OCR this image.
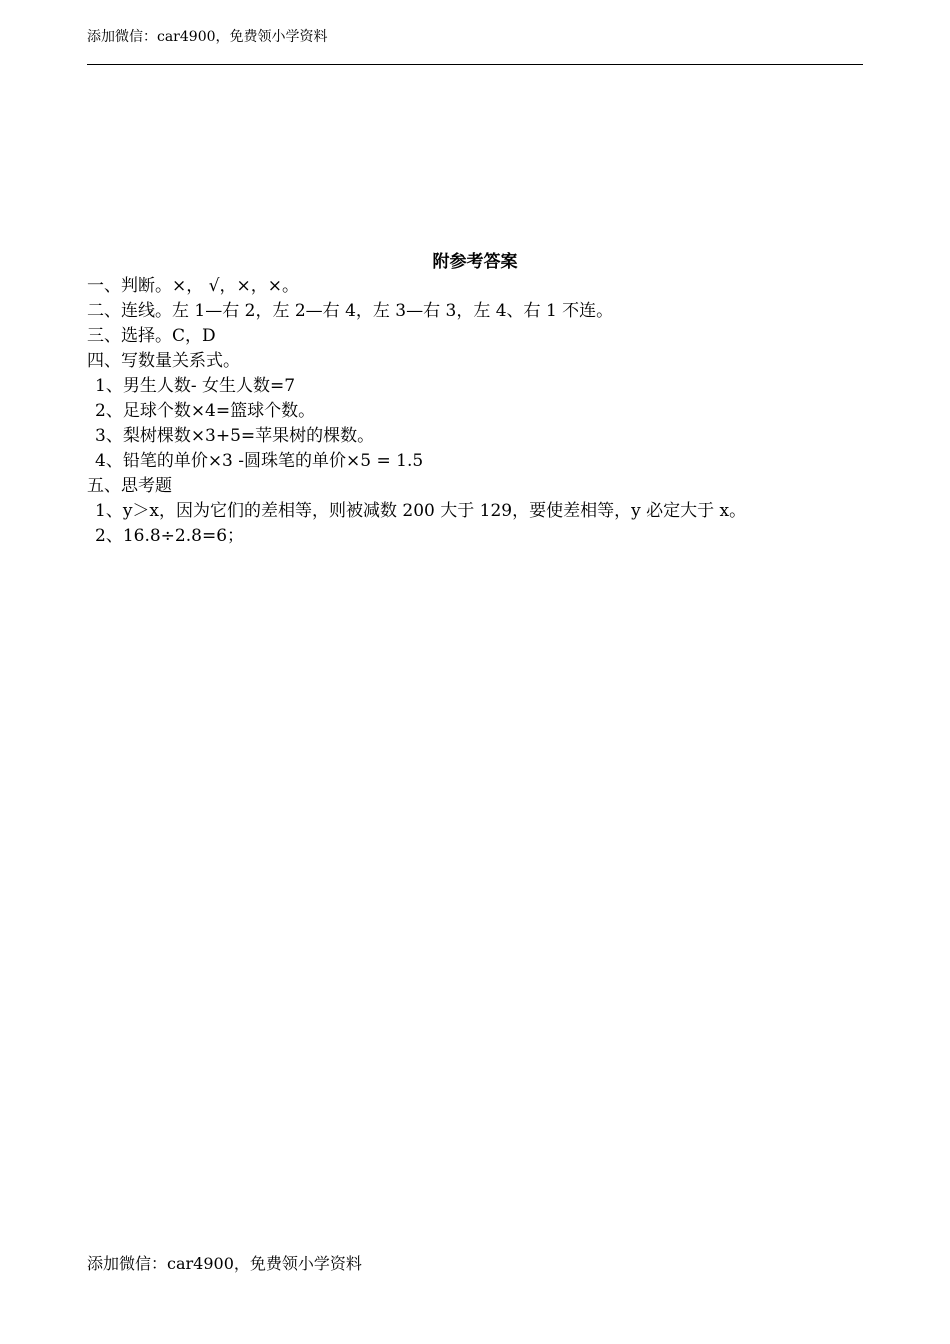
添加微信：car4900，免费领小学资料
附参考答案
一、判断。×， √，×，×。
二、连线。左 1—右 2，左 2—右 4，左 3—右 3，左 4、右 1 不连。
三、选择。C，D
四、写数量关系式。
1、男生人数- 女生人数=7
2、足球个数×4=篮球个数。
3、梨树棵数×3+5=苹果树的棵数。
4、铅笔的单价×3 -圆珠笔的单价×5 = 1.5
五、思考题
1、y＞x，因为它们的差相等，则被减数 200 大于 129，要使差相等，y 必定大于 x。
2、16.8÷2.8=6；
添加微信：car4900，免费领小学资料
